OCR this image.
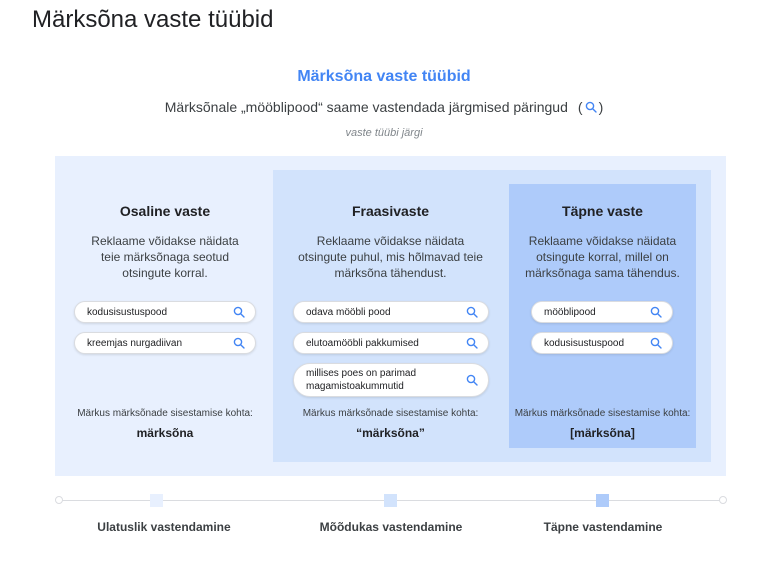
Märksõna vaste tüübid
Märksõna vaste tüübid
Märksõnale „mööblipood“ saame vastendada järgmised päringud ( )
vaste tüübi järgi
Osaline vaste
Reklaame võidakse näidata teie märksõnaga seotud otsingute korral.
kodusisustuspood
kreemjas nurgadiivan
Märkus märksõnade sisestamise kohta:
märksõna
Fraasivaste
Reklaame võidakse näidata otsingute puhul, mis hõlmavad teie märksõna tähendust.
odava mööbli pood
elutoamööbli pakkumised
millises poes on parimad magamistoakummutid
Märkus märksõnade sisestamise kohta:
“märksõna”
Täpne vaste
Reklaame võidakse näidata otsingute korral, millel on märksõnaga sama tähendus.
mööblipood
kodusisustuspood
Märkus märksõnade sisestamise kohta:
[märksõna]
Ulatuslik vastendamine	Mõõdukas vastendamine	Täpne vastendamine
